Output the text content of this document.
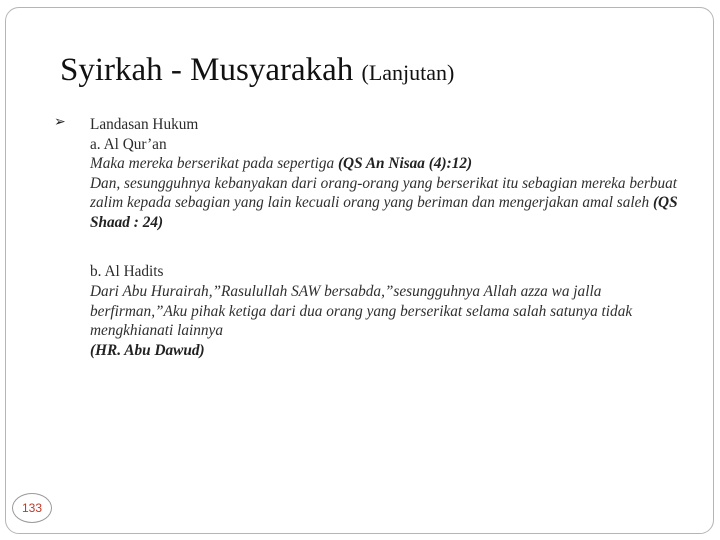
Syirkah - Musyarakah (Lanjutan)
➢ Landasan Hukum
a. Al Qur’an

Maka mereka berserikat pada sepertiga (QS An Nisaa (4):12)

Dan, sesungguhnya kebanyakan dari orang-orang yang berserikat itu sebagian mereka berbuat zalim kepada sebagian yang lain kecuali orang yang beriman dan mengerjakan amal saleh (QS Shaad : 24)

b. Al Hadits

Dari Abu Hurairah,”Rasulullah SAW bersabda,”sesungguhnya Allah azza wa jalla berfirman,”Aku pihak ketiga dari dua orang yang berserikat selama salah satunya tidak mengkhianati lainnya

(HR. Abu Dawud)
133
